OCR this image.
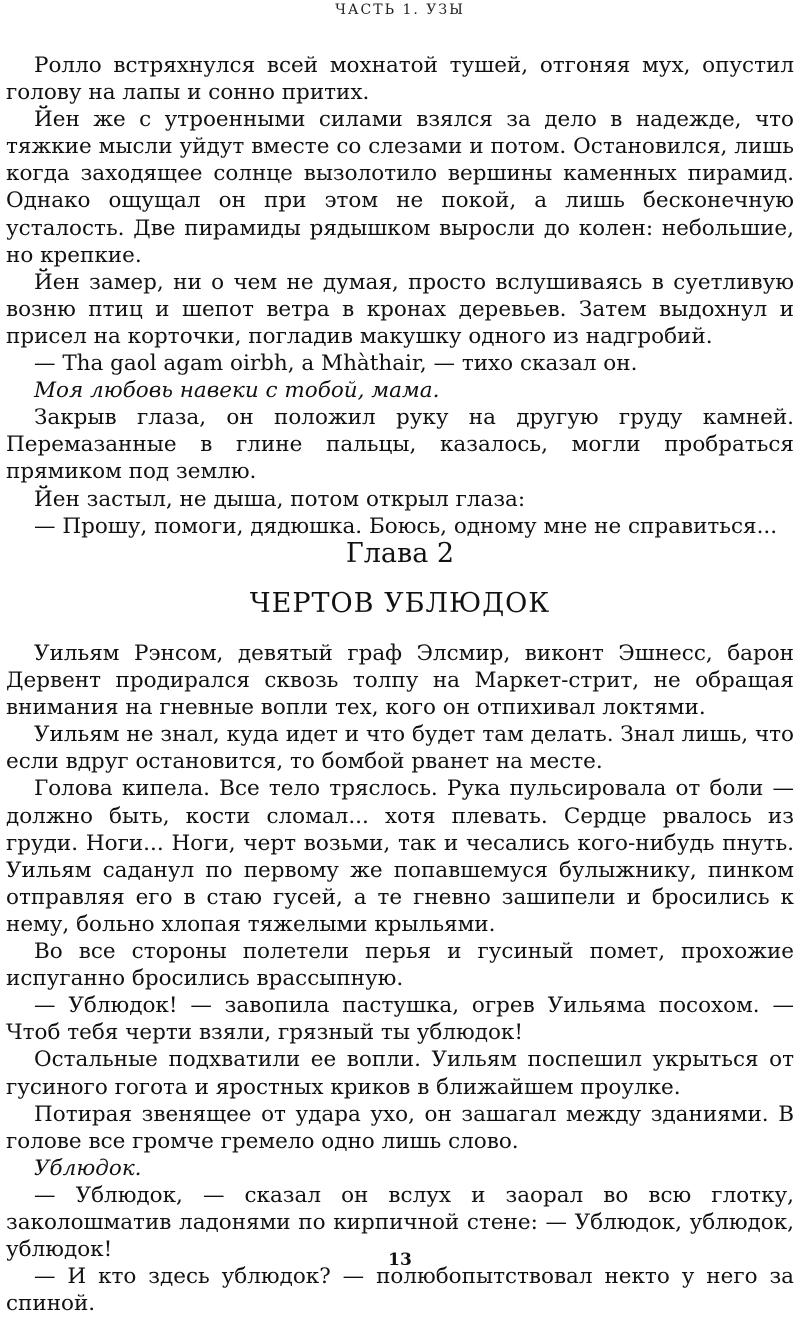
ЧАСТЬ 1. УЗЫ

Ролло встряхнулся всей мохнатой тушей, отгоняя мух, опустил голову на лапы и сонно притих.

Йен же с утроенными силами взялся за дело в надежде, что тяжкие мысли уйдут вместе со слезами и потом. Остановился, лишь когда заходящее солнце вызолотило вершины каменных пирамид. Однако ощущал он при этом не покой, а лишь бесконечную усталость. Две пирамиды рядышком выросли до колен: небольшие, но крепкие.

Йен замер, ни о чем не думая, просто вслушиваясь в суетливую возню птиц и шепот ветра в кронах деревьев. Затем выдохнул и присел на корточки, погладив макушку одного из надгробий.

— Tha gaol agam oirbh, a Mhàthair, — тихо сказал он.

Моя любовь навеки с тобой, мама.

Закрыв глаза, он положил руку на другую груду камней. Перемазанные в глине пальцы, казалось, могли пробраться прямиком под землю.

Йен застыл, не дыша, потом открыл глаза:

— Прошу, помоги, дядюшка. Боюсь, одному мне не справиться...

Глава 2
ЧЕРТОВ УБЛЮДОК

Уильям Рэнсом, девятый граф Элсмир, виконт Эшнесс, барон Дервент продирался сквозь толпу на Маркет-стрит, не обращая внимания на гневные вопли тех, кого он отпихивал локтями.

Уильям не знал, куда идет и что будет там делать. Знал лишь, что если вдруг остановится, то бомбой рванет на месте.

Голова кипела. Все тело тряслось. Рука пульсировала от боли — должно быть, кости сломал... хотя плевать. Сердце рвалось из груди. Ноги... Ноги, черт возьми, так и чесались кого-нибудь пнуть. Уильям саданул по первому же попавшемуся булыжнику, пинком отправляя его в стаю гусей, а те гневно зашипели и бросились к нему, больно хлопая тяжелыми крыльями.

Во все стороны полетели перья и гусиный помет, прохожие испуганно бросились врассыпную.

— Ублюдок! — завопила пастушка, огрев Уильяма посохом. — Чтоб тебя черти взяли, грязный ты ублюдок!

Остальные подхватили ее вопли. Уильям поспешил укрыться от гусиного гогота и яростных криков в ближайшем проулке.

Потирая звенящее от удара ухо, он зашагал между зданиями. В голове все громче гремело одно лишь слово.

Ублюдок.

— Ублюдок, — сказал он вслух и заорал во всю глотку, заколошматив ладонями по кирпичной стене: — Ублюдок, ублюдок, ублюдок!

— И кто здесь ублюдок? — полюбопытствовал некто у него за спиной.

13
